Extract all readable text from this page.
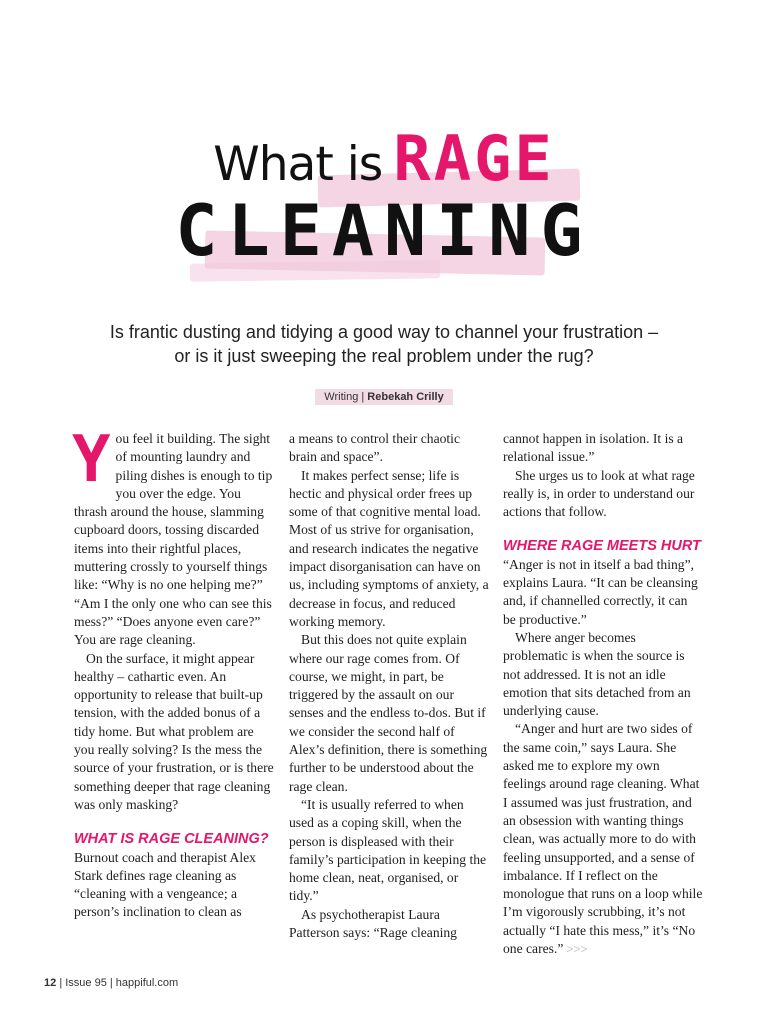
What is RAGE
CLEANING

Is frantic dusting and tidying a good way to channel your frustration – or is it just sweeping the real problem under the rug?

Writing | Rebekah Crilly

You feel it building. The sight of mounting laundry and piling dishes is enough to tip you over the edge. You thrash around the house, slamming cupboard doors, tossing discarded items into their rightful places, muttering crossly to yourself things like: “Why is no one helping me?” “Am I the only one who can see this mess?” “Does anyone even care?” You are rage cleaning.

On the surface, it might appear healthy – cathartic even. An opportunity to release that built-up tension, with the added bonus of a tidy home. But what problem are you really solving? Is the mess the source of your frustration, or is there something deeper that rage cleaning was only masking?

WHAT IS RAGE CLEANING?

Burnout coach and therapist Alex Stark defines rage cleaning as “cleaning with a vengeance; a person’s inclination to clean as

a means to control their chaotic brain and space”.

It makes perfect sense; life is hectic and physical order frees up some of that cognitive mental load. Most of us strive for organisation, and research indicates the negative impact disorganisation can have on us, including symptoms of anxiety, a decrease in focus, and reduced working memory.

But this does not quite explain where our rage comes from. Of course, we might, in part, be triggered by the assault on our senses and the endless to-dos. But if we consider the second half of Alex’s definition, there is something further to be understood about the rage clean.

“It is usually referred to when used as a coping skill, when the person is displeased with their family’s participation in keeping the home clean, neat, organised, or tidy.”

As psychotherapist Laura Patterson says: “Rage cleaning

cannot happen in isolation. It is a relational issue.”

She urges us to look at what rage really is, in order to understand our actions that follow.

WHERE RAGE MEETS HURT

“Anger is not in itself a bad thing”, explains Laura. “It can be cleansing and, if channelled correctly, it can be productive.”

Where anger becomes problematic is when the source is not addressed. It is not an idle emotion that sits detached from an underlying cause.

“Anger and hurt are two sides of the same coin,” says Laura. She asked me to explore my own feelings around rage cleaning. What I assumed was just frustration, and an obsession with wanting things clean, was actually more to do with feeling unsupported, and a sense of imbalance. If I reflect on the monologue that runs on a loop while I’m vigorously scrubbing, it’s not actually “I hate this mess,” it’s “No one cares.” >>>

12 | Issue 95 | happiful.com
